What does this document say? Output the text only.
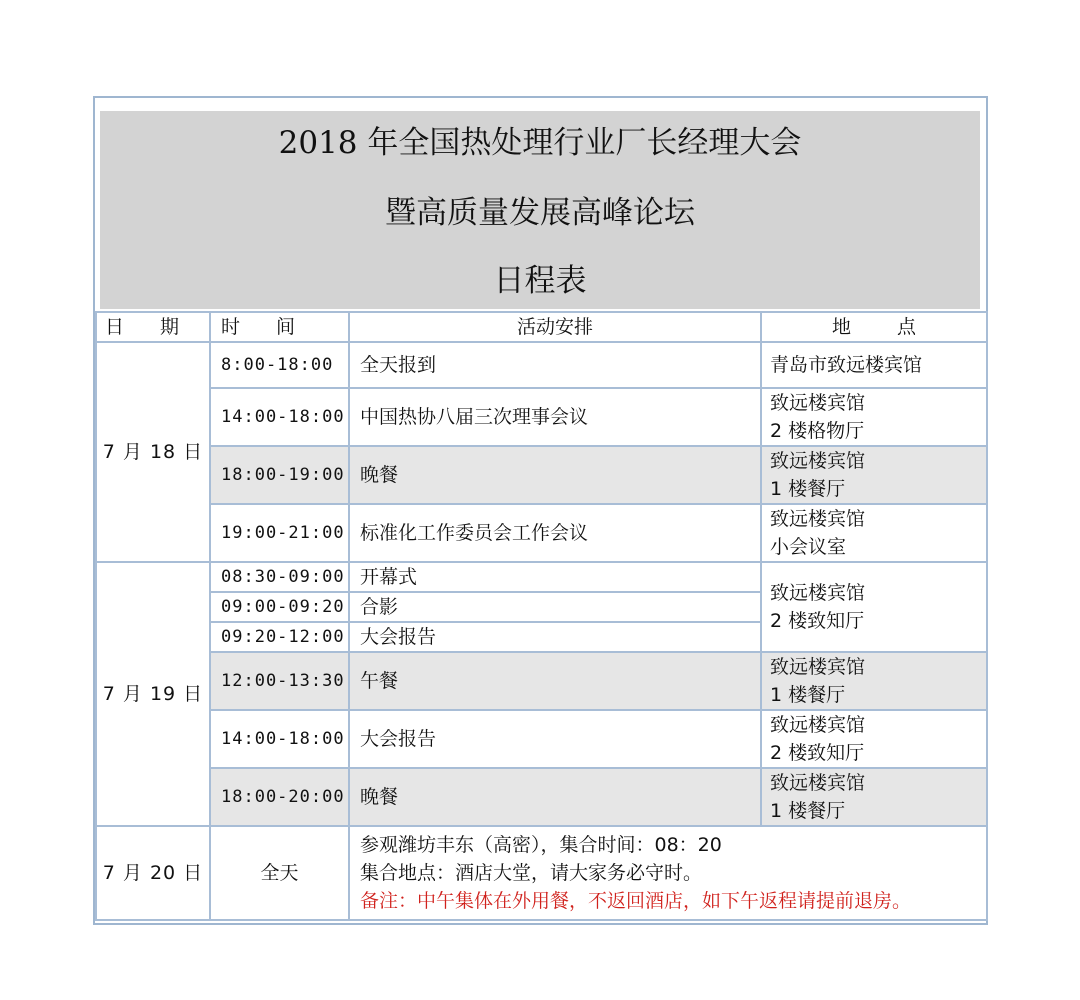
2018 年全国热处理行业厂长经理大会
暨高质量发展高峰论坛
日程表
日 期	时 间	活动安排	地 点
7 月 18 日	8:00-18:00	全天报到	青岛市致远楼宾馆
	14:00-18:00	中国热协八届三次理事会议	致远楼宾馆
2 楼格物厅

	18:00-19:00	晚餐	致远楼宾馆
1 楼餐厅

	19:00-21:00	标准化工作委员会工作会议	致远楼宾馆
小会议室

7 月 19 日	08:30-09:00	开幕式	致远楼宾馆
2 楼致知厅

	09:00-09:20	合影	
	09:20-12:00	大会报告	
	12:00-13:30	午餐	致远楼宾馆
1 楼餐厅

	14:00-18:00	大会报告	致远楼宾馆
2 楼致知厅

	18:00-20:00	晚餐	致远楼宾馆
1 楼餐厅

7 月 20 日	全天	参观潍坊丰东（高密），集合时间：08：20
集合地点：酒店大堂，请大家务必守时。
备注：中午集体在外用餐，不返回酒店，如下午返程请提前退房。	
